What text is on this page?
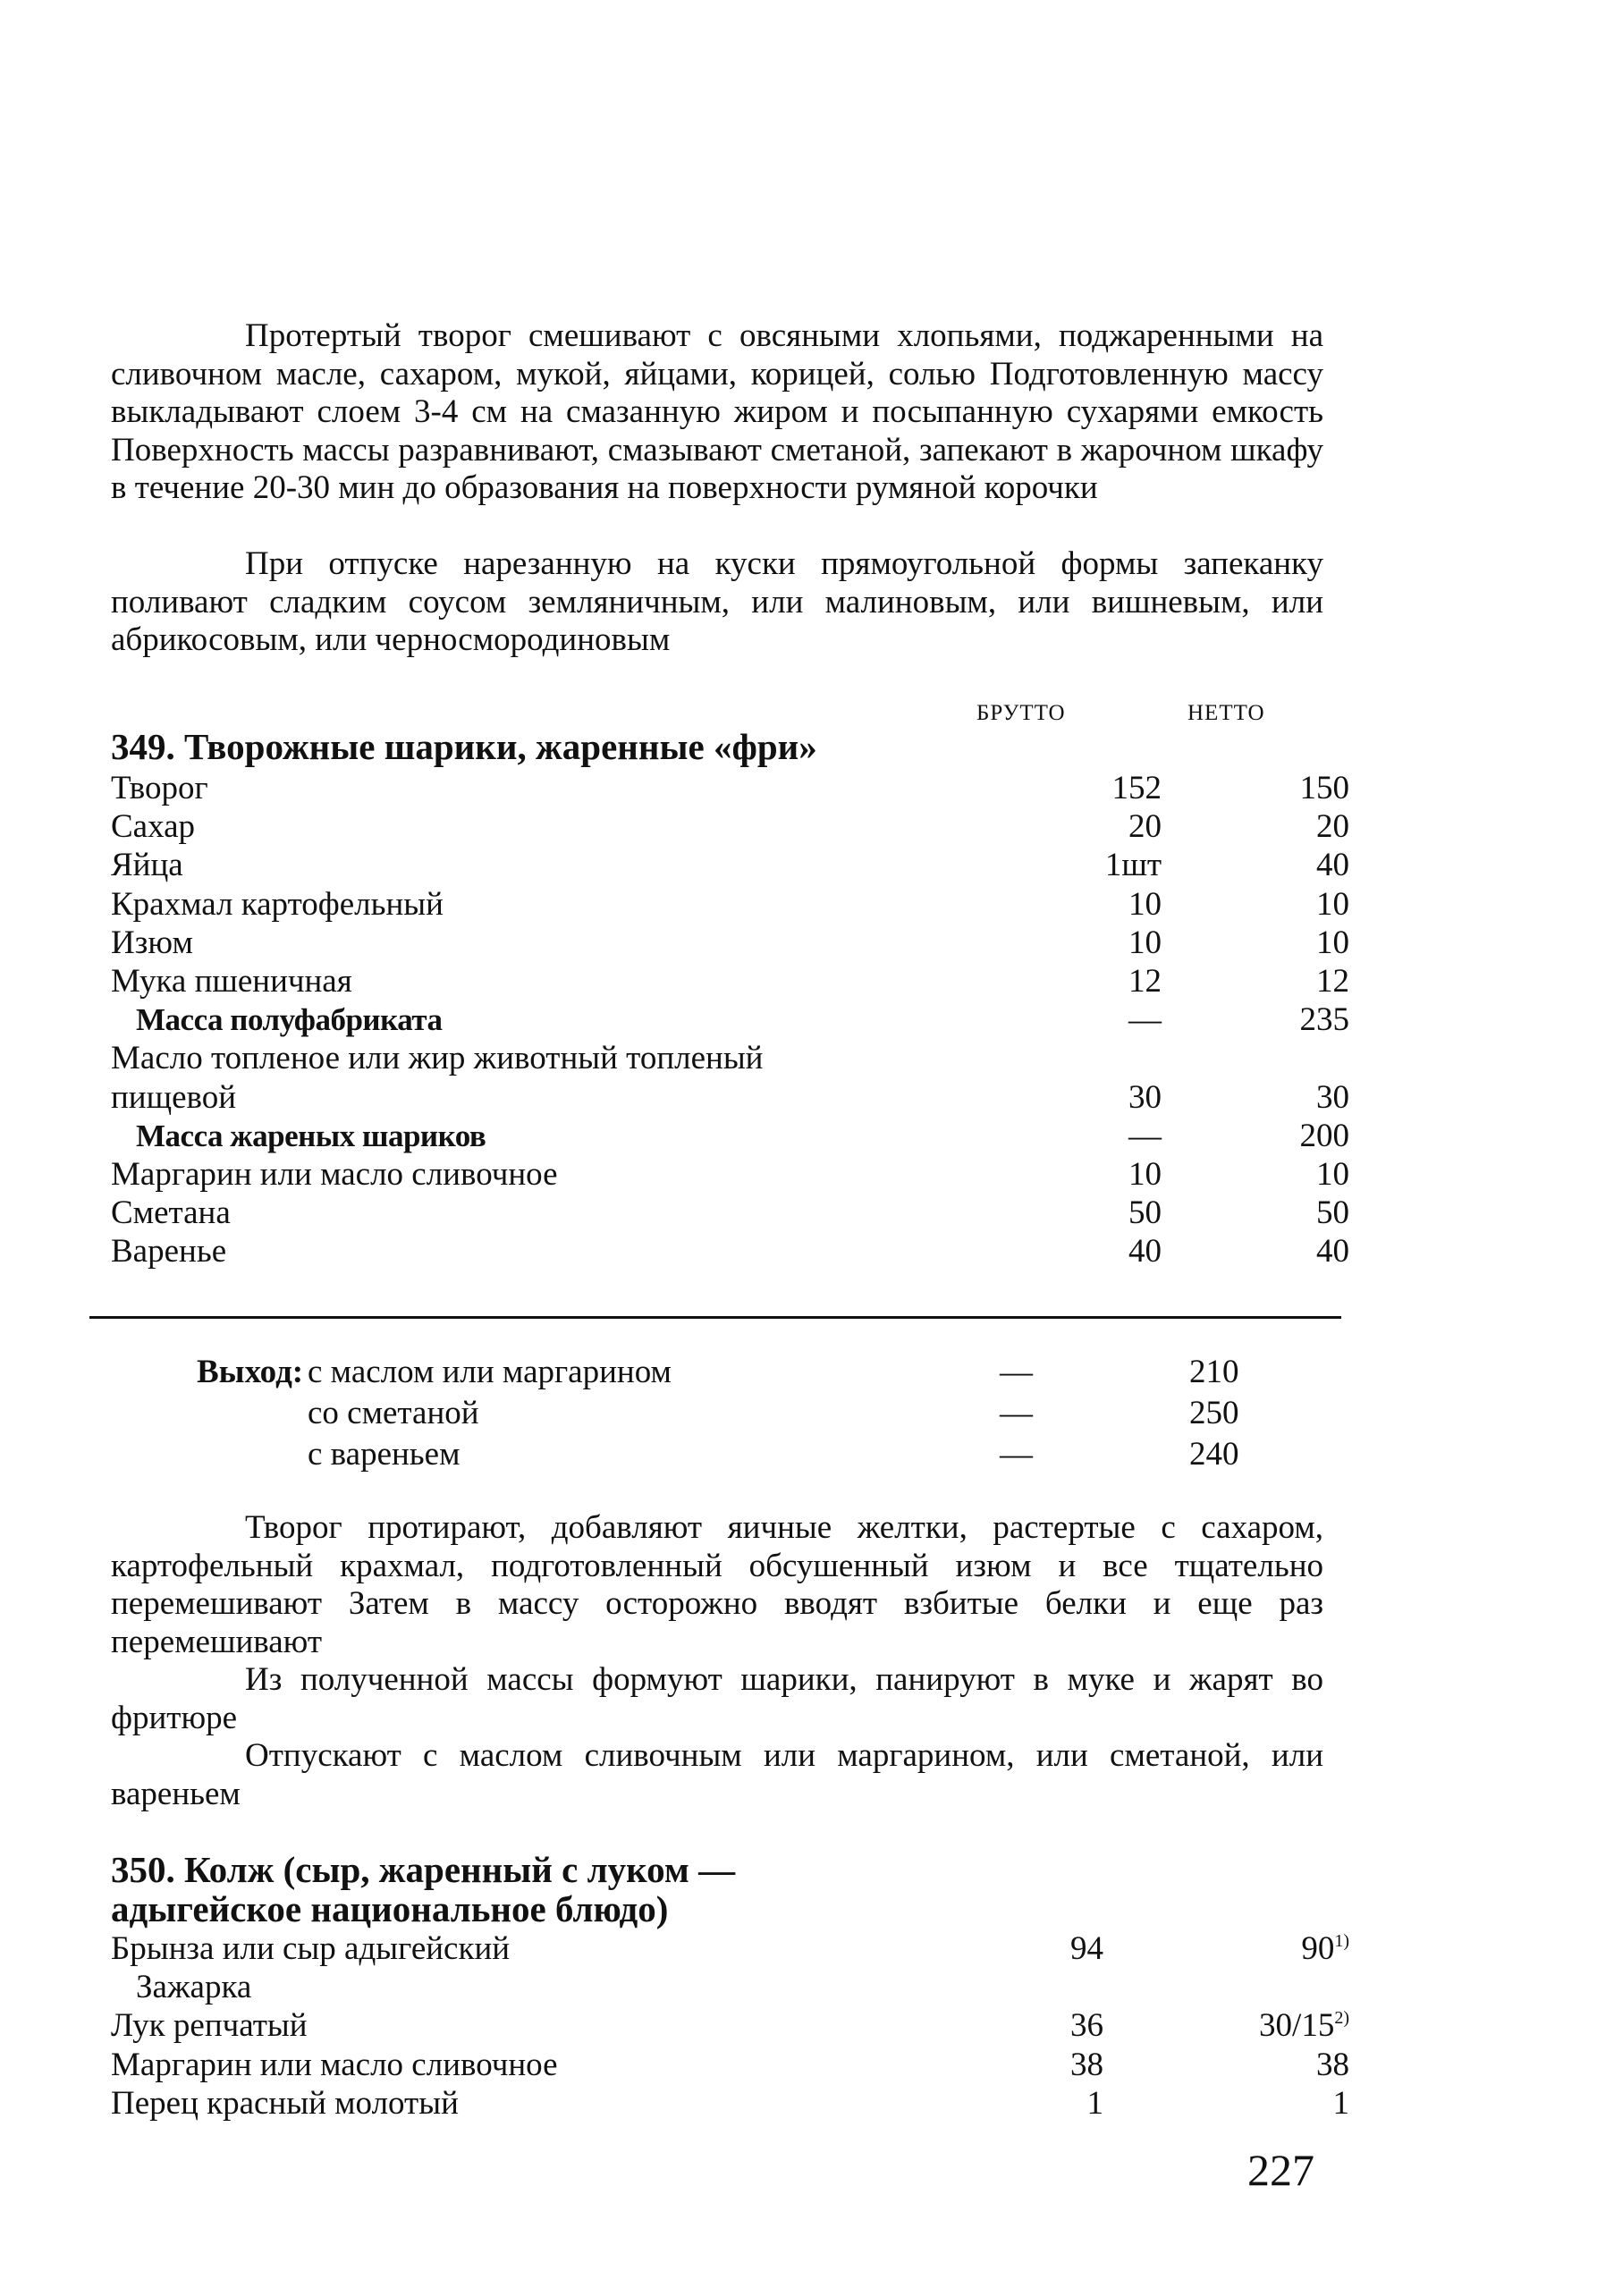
Протертый творог смешивают с овсяными хлопьями, поджаренными на сливочном масле, сахаром, мукой, яйцами, корицей, солью Подготовленную массу выкладывают слоем 3-4 см на смазанную жиром и посыпанную сухарями емкость Поверхность массы разравнивают, смазывают сметаной, запекают в жарочном шкафу в течение 20-30 мин до образования на поверхности румяной корочки

При отпуске нарезанную на куски прямоугольной формы запеканку поливают сладким соусом земляничным, или малиновым, или вишневым, или абрикосовым, или черносмородиновым

БРУТТО	НЕТТО
349. Творожные шарики, жаренные «фри»
Творог	152	150
Сахар	20	20
Яйца	1шт	40
Крахмал картофельный	10	10
Изюм	10	10
Мука пшеничная	12	12
Масса полуфабриката	—	235
Масло топленое или жир животный топленый
пищевой	30	30
Масса жареных шариков	—	200
Маргарин или масло сливочное	10	10
Сметана	50	50
Варенье	40	40
Выход: с маслом или маргарином	—	210
со сметаной	—	250
с вареньем	—	240

Творог протирают, добавляют яичные желтки, растертые с сахаром, картофельный крахмал, подготовленный обсушенный изюм и все тщательно перемешивают Затем в массу осторожно вводят взбитые белки и еще раз перемешивают

Из полученной массы формуют шарики, панируют в муке и жарят во фритюре

Отпускают с маслом сливочным или маргарином, или сметаной, или вареньем

350. Колж (сыр, жаренный с луком —
адыгейское национальное блюдо)
Брынза или сыр адыгейский	94	90$^{1)}$
Зажарка
Лук репчатый	36	30/15$^{2)}$
Маргарин или масло сливочное	38	38
Перец красный молотый	1	1
227
